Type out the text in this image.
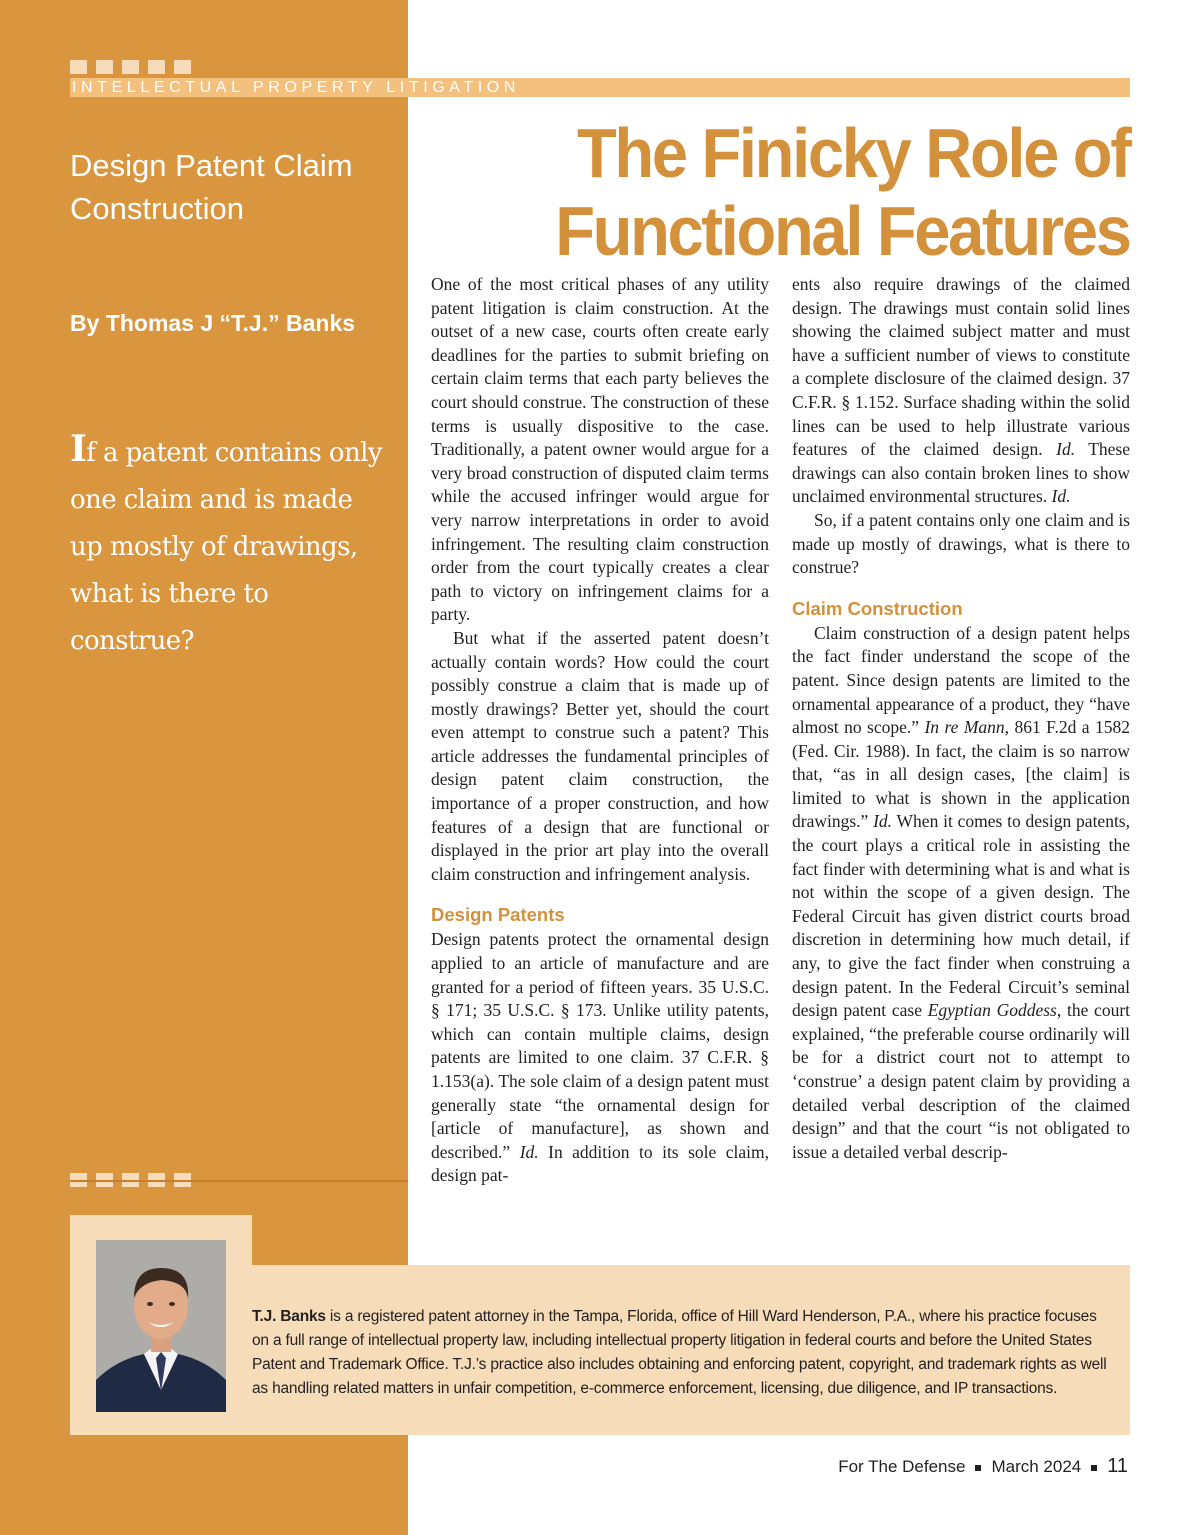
INTELLECTUAL PROPERTY LITIGATION
Design Patent Claim Construction
By Thomas J “T.J.” Banks
If a patent contains only one claim and is made up mostly of drawings, what is there to construe?
The Finicky Role of
Functional Features

One of the most critical phases of any utility patent litigation is claim construction. At the outset of a new case, courts often create early deadlines for the parties to submit briefing on certain claim terms that each party believes the court should construe. The construction of these terms is usually dispositive to the case. Traditionally, a patent owner would argue for a very broad construction of disputed claim terms while the accused infringer would argue for very narrow interpretations in order to avoid infringement. The resulting claim construction order from the court typically creates a clear path to victory on infringement claims for a party.

But what if the asserted patent doesn’t actually contain words? How could the court possibly construe a claim that is made up of mostly drawings? Better yet, should the court even attempt to construe such a patent? This article addresses the fundamental principles of design patent claim construction, the importance of a proper construction, and how features of a design that are functional or displayed in the prior art play into the overall claim construction and infringement analysis.

Design Patents

Design patents protect the ornamental design applied to an article of manufacture and are granted for a period of fifteen years. 35 U.S.C. § 171; 35 U.S.C. § 173. Unlike utility patents, which can contain multiple claims, design patents are limited to one claim. 37 C.F.R. § 1.153(a). The sole claim of a design patent must generally state “the ornamental design for [article of manufacture], as shown and described.” Id. In addition to its sole claim, design pat-

ents also require drawings of the claimed design. The drawings must contain solid lines showing the claimed subject matter and must have a sufficient number of views to constitute a complete disclosure of the claimed design. 37 C.F.R. § 1.152. Surface shading within the solid lines can be used to help illustrate various features of the claimed design. Id. These drawings can also contain broken lines to show unclaimed environmental structures. Id.

So, if a patent contains only one claim and is made up mostly of drawings, what is there to construe?

Claim Construction

Claim construction of a design patent helps the fact finder understand the scope of the patent. Since design patents are limited to the ornamental appearance of a product, they “have almost no scope.” In re Mann, 861 F.2d a 1582 (Fed. Cir. 1988). In fact, the claim is so narrow that, “as in all design cases, [the claim] is limited to what is shown in the application drawings.” Id. When it comes to design patents, the court plays a critical role in assisting the fact finder with determining what is and what is not within the scope of a given design. The Federal Circuit has given district courts broad discretion in determining how much detail, if any, to give the fact finder when construing a design patent. In the Federal Circuit’s seminal design patent case Egyptian Goddess, the court explained, “the preferable course ordinarily will be for a district court not to attempt to ‘construe’ a design patent claim by providing a detailed verbal description of the claimed design” and that the court “is not obligated to issue a detailed verbal descrip-

T.J. Banks is a registered patent attorney in the Tampa, Florida, office of Hill Ward Henderson, P.A., where his practice focuses on a full range of intellectual property law, including intellectual property litigation in federal courts and before the United States Patent and Trademark Office. T.J.’s practice also includes obtaining and enforcing patent, copyright, and trademark rights as well as handling related matters in unfair competition, e-commerce enforcement, licensing, due diligence, and IP transactions.
For The Defense March 2024 11
